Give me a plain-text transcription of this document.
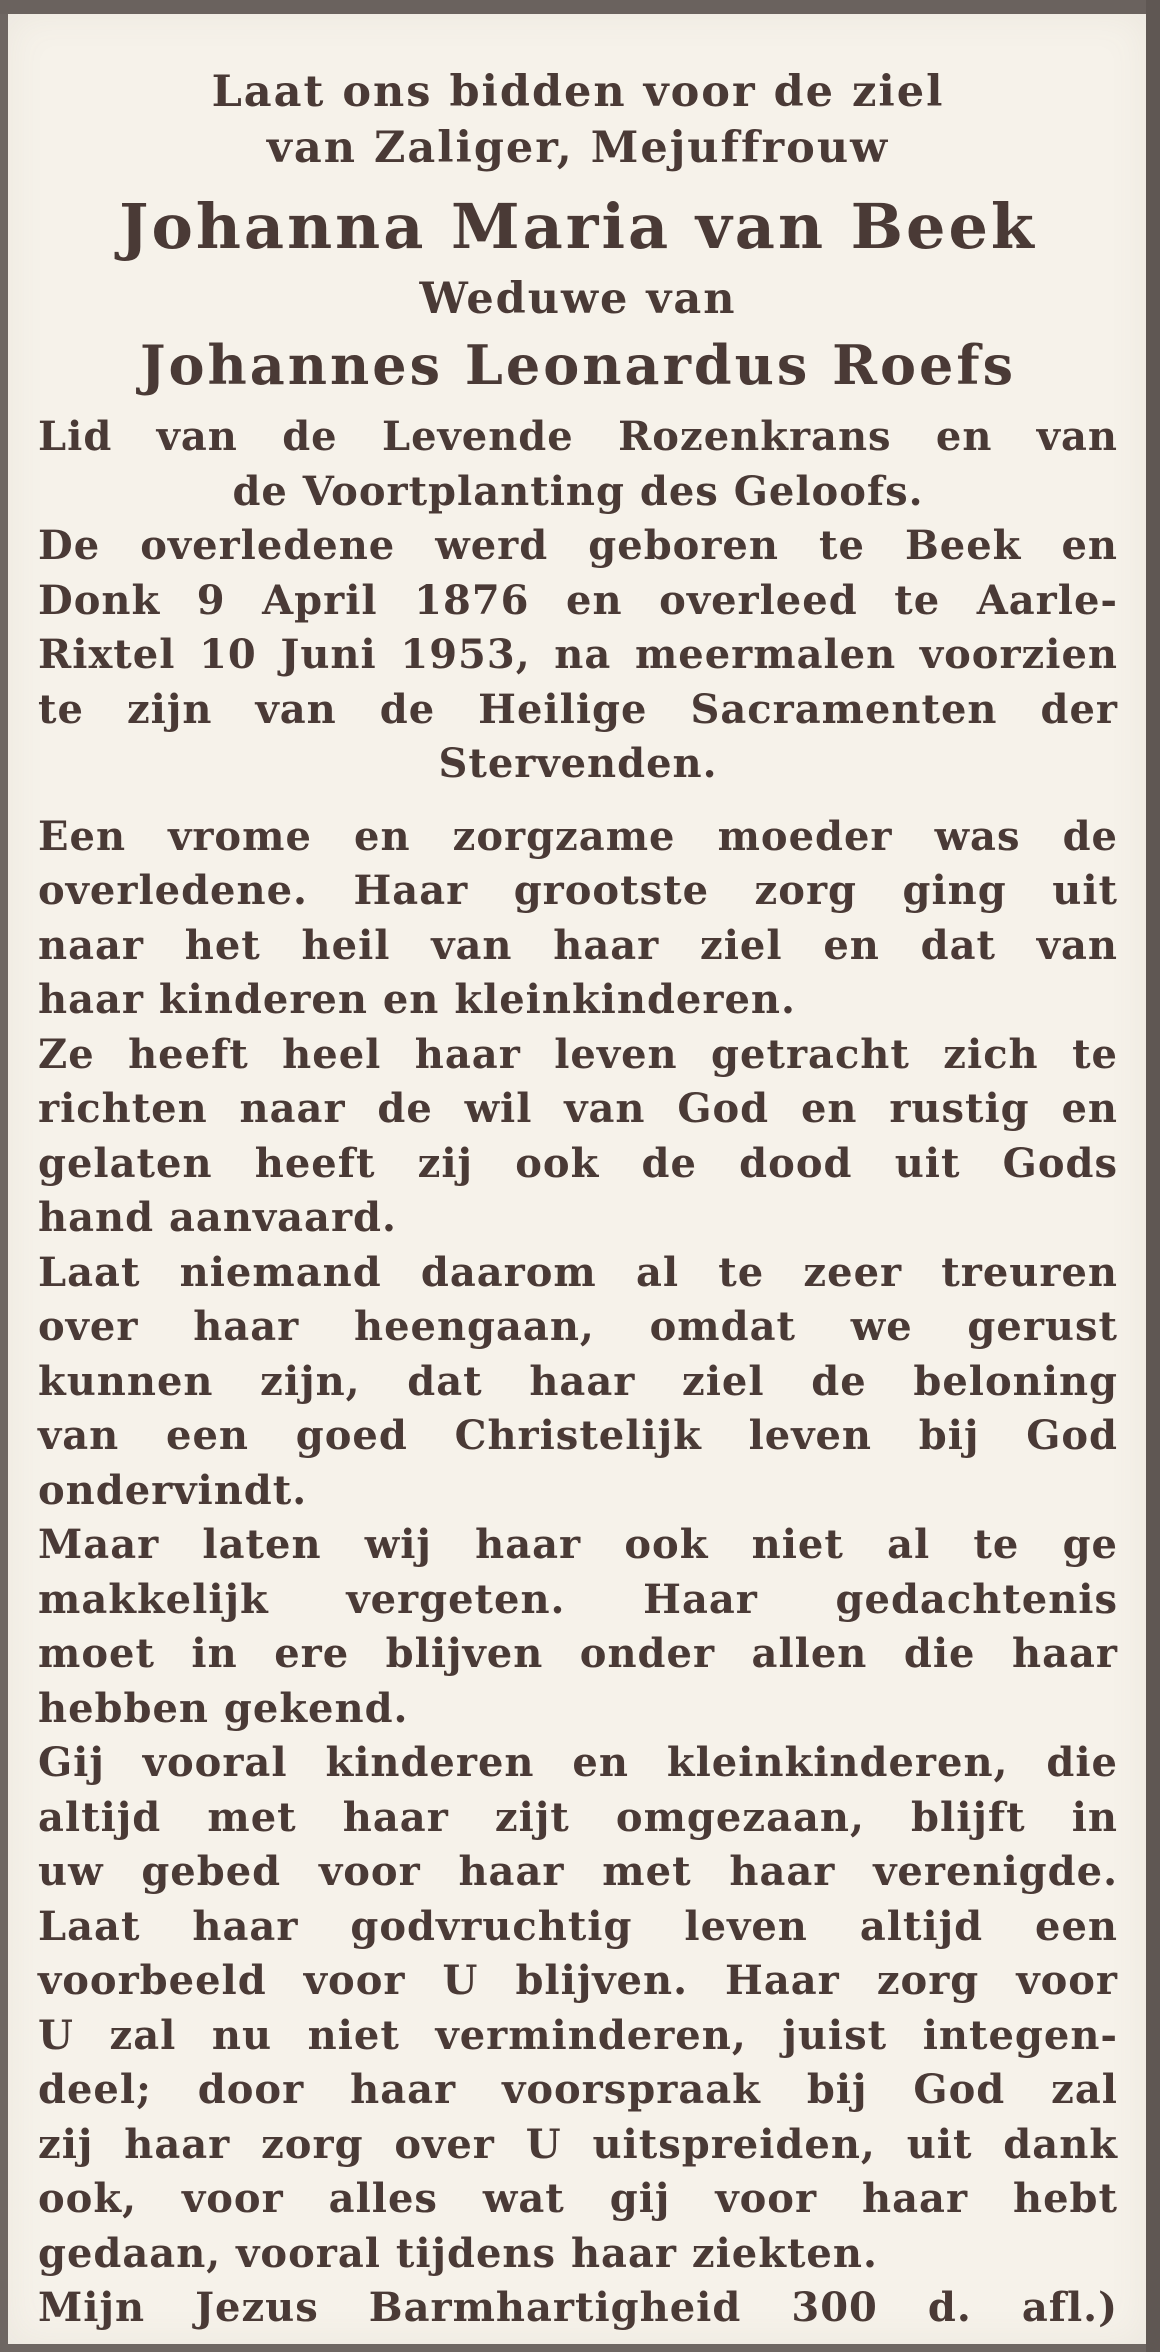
Laat ons bidden voor de ziel

van Zaliger, Mejuffrouw

Johanna Maria van Beek

Weduwe van

Johannes Leonardus Roefs

Lid van de Levende Rozenkrans en van
de Voortplanting des Geloofs.
De overledene werd geboren te Beek en
Donk 9 April 1876 en overleed te Aarle-
Rixtel 10 Juni 1953, na meermalen voorzien
te zijn van de Heilige Sacramenten der
Stervenden.
Een vrome en zorgzame moeder was de
overledene. Haar grootste zorg ging uit
naar het heil van haar ziel en dat van
haar kinderen en kleinkinderen.
Ze heeft heel haar leven getracht zich te
richten naar de wil van God en rustig en
gelaten heeft zij ook de dood uit Gods
hand aanvaard.
Laat niemand daarom al te zeer treuren
over haar heengaan, omdat we gerust
kunnen zijn, dat haar ziel de beloning
van een goed Christelijk leven bij God
ondervindt.
Maar laten wij haar ook niet al te ge
makkelijk vergeten. Haar gedachtenis
moet in ere blijven onder allen die haar
hebben gekend.
Gij vooral kinderen en kleinkinderen, die
altijd met haar zijt omgezaan, blijft in
uw gebed voor haar met haar verenigde.
Laat haar godvruchtig leven altijd een
voorbeeld voor U blijven. Haar zorg voor
U zal nu niet verminderen, juist integen-
deel; door haar voorspraak bij God zal
zij haar zorg over U uitspreiden, uit dank
ook, voor alles wat gij voor haar hebt
gedaan, vooral tijdens haar ziekten.
Mijn Jezus Barmhartigheid 300 d. afl.)
